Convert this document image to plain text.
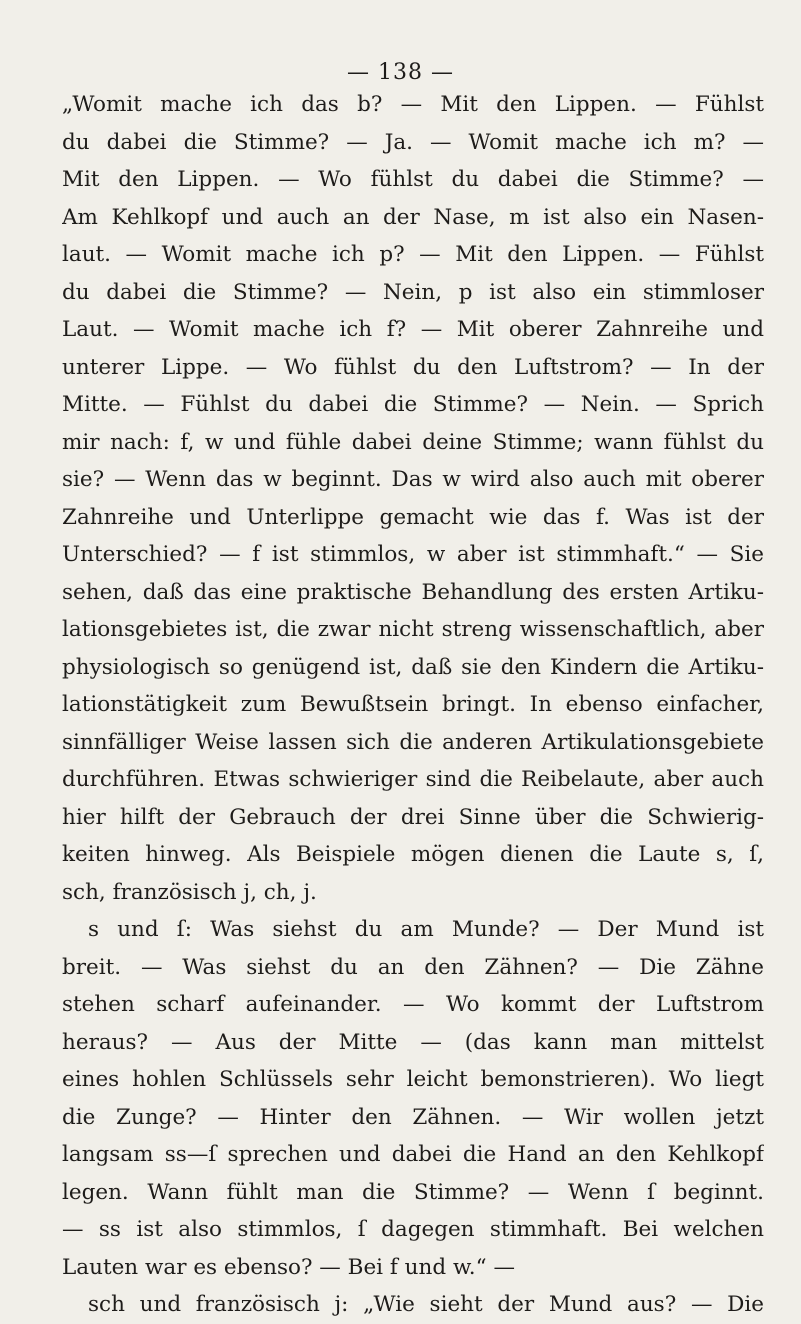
— 138 —
„Womit mache ich das b? — Mit den Lippen. — Fühlst
du dabei die Stimme? — Ja. — Womit mache ich m? —
Mit den Lippen. — Wo fühlst du dabei die Stimme? —
Am Kehlkopf und auch an der Nase, m ist also ein Nasen-
laut. — Womit mache ich p? — Mit den Lippen. — Fühlst
du dabei die Stimme? — Nein, p ist also ein stimmloser
Laut. — Womit mache ich f? — Mit oberer Zahnreihe und
unterer Lippe. — Wo fühlst du den Luftstrom? — In der
Mitte. — Fühlst du dabei die Stimme? — Nein. — Sprich
mir nach: f, w und fühle dabei deine Stimme; wann fühlst du
sie? — Wenn das w beginnt. Das w wird also auch mit oberer
Zahnreihe und Unterlippe gemacht wie das f. Was ist der
Unterschied? — f ist stimmlos, w aber ist stimmhaft.“ — Sie
sehen, daß das eine praktische Behandlung des ersten Artiku-
lationsgebietes ist, die zwar nicht streng wissenschaftlich, aber
physiologisch so genügend ist, daß sie den Kindern die Artiku-
lationstätigkeit zum Bewußtsein bringt. In ebenso einfacher,
sinnfälliger Weise lassen sich die anderen Artikulationsgebiete
durchführen. Etwas schwieriger sind die Reibelaute, aber auch
hier hilft der Gebrauch der drei Sinne über die Schwierig-
keiten hinweg. Als Beispiele mögen dienen die Laute s, ſ,
sch, französisch j, ch, j.
s und ſ: Was siehst du am Munde? — Der Mund ist
breit. — Was siehst du an den Zähnen? — Die Zähne
stehen scharf aufeinander. — Wo kommt der Luftstrom
heraus? — Aus der Mitte — (das kann man mittelst
eines hohlen Schlüssels sehr leicht bemonstrieren). Wo liegt
die Zunge? — Hinter den Zähnen. — Wir wollen jetzt
langsam ss—ſ sprechen und dabei die Hand an den Kehlkopf
legen. Wann fühlt man die Stimme? — Wenn ſ beginnt.
— ss ist also stimmlos, ſ dagegen stimmhaft. Bei welchen
Lauten war es ebenso? — Bei f und w.“ —
sch und französisch j: „Wie sieht der Mund aus? — Die
